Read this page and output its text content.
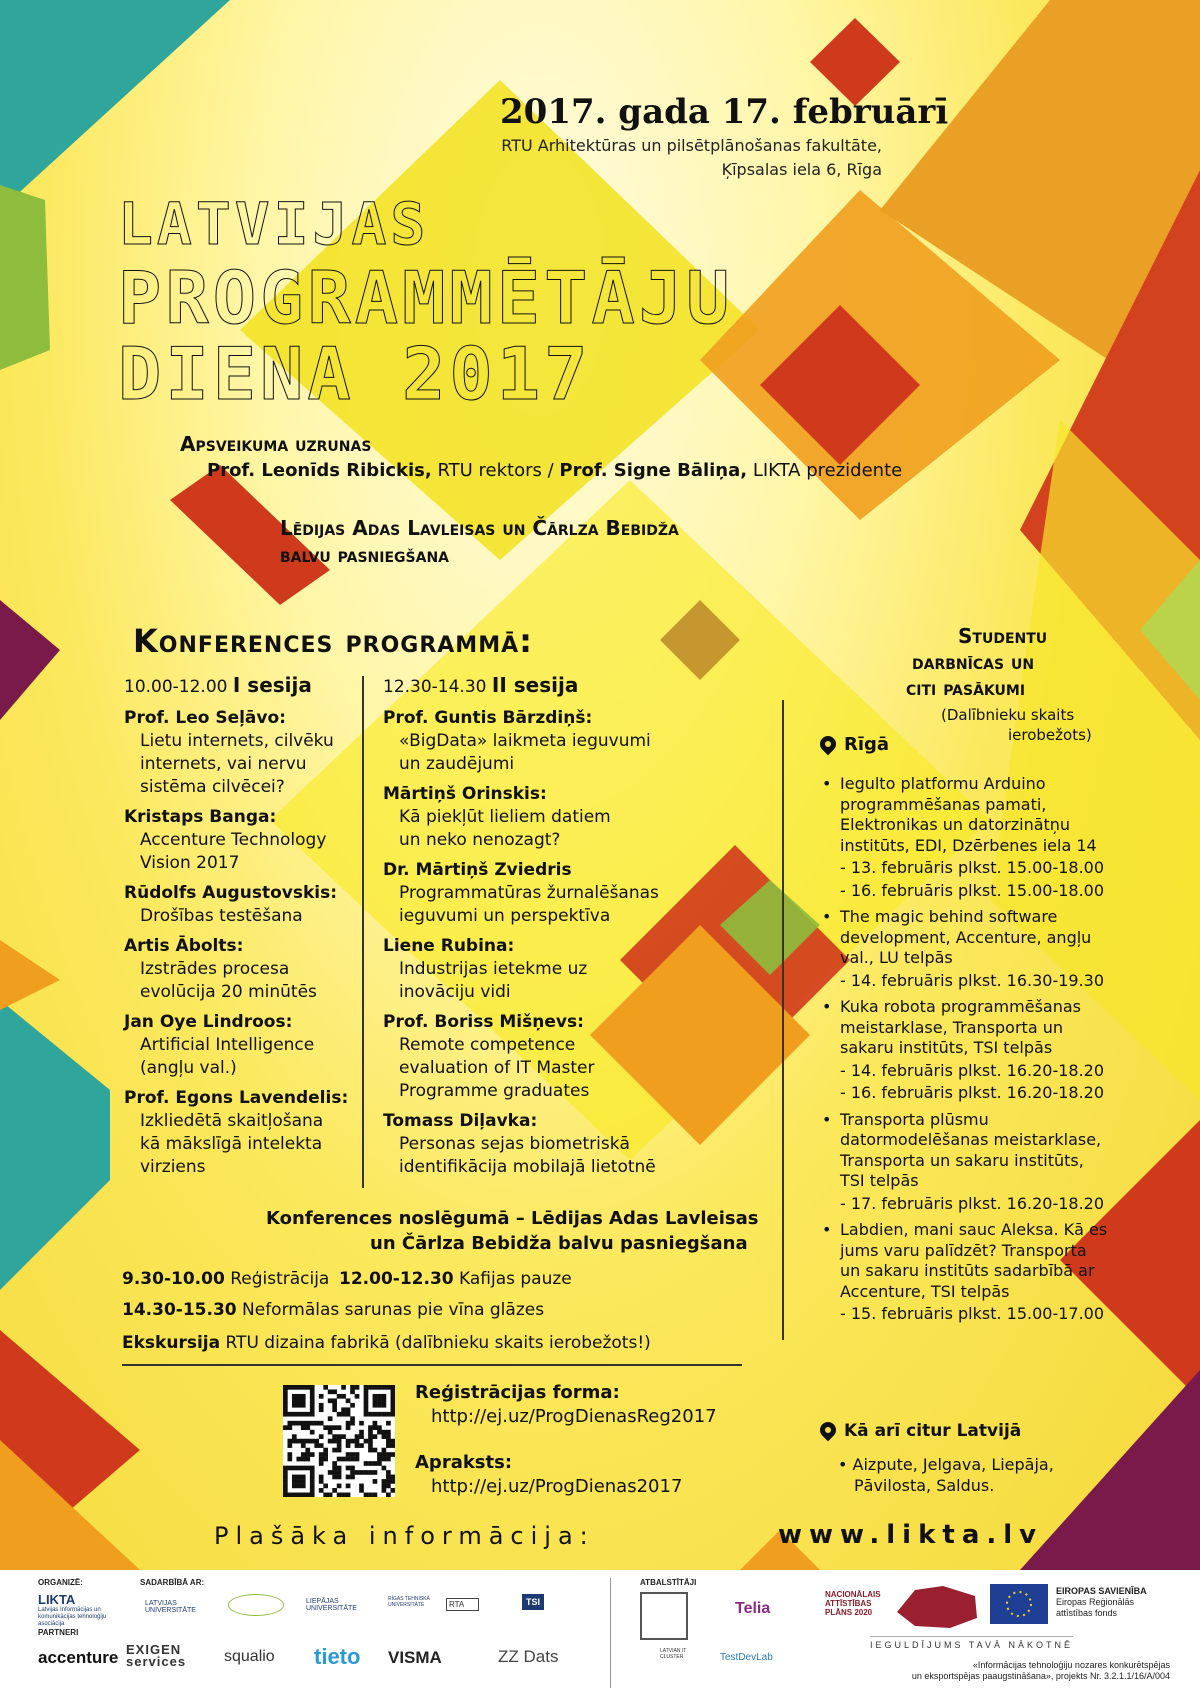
2017. gada 17. februārī
RTU Arhitektūras un pilsētplānošanas fakultāte,
Ķīpsalas iela 6, Rīga
LATVIJAS
PROGRAMMĒTĀJU
DIENA 2017
Apsveikuma uzrunas
Prof. Leonīds Ribickis, RTU rektors / Prof. Signe Bāliņa, LIKTA prezidente
Lēdijas Adas Lavleisas un Čārlza Bebidža
balvu pasniegšana
Konferences programmā:
10.00-12.00 I sesija
Prof. Leo Seļāvo:
Lietu internets, cilvēku
internets, vai nervu
sistēma cilvēcei?
Kristaps Banga:
Accenture Technology
Vision 2017
Rūdolfs Augustovskis:
Drošības testēšana
Artis Ābolts:
Izstrādes procesa
evolūcija 20 minūtēs
Jan Oye Lindroos:
Artificial Intelligence
(angļu val.)
Prof. Egons Lavendelis:
Izkliedētā skaitļošana
kā mākslīgā intelekta
virziens
12.30-14.30 II sesija
Prof. Guntis Bārzdiņš:
«BigData» laikmeta ieguvumi
un zaudējumi
Mārtiņš Orinskis:
Kā piekļūt lieliem datiem
un neko nenozagt?
Dr. Mārtiņš Zviedris
Programmatūras žurnalēšanas
ieguvumi un perspektīva
Liene Rubina:
Industrijas ietekme uz
inovāciju vidi
Prof. Boriss Mišņevs:
Remote competence
evaluation of IT Master
Programme graduates
Tomass Diļavka:
Personas sejas biometriskā
identifikācija mobilajā lietotnē
Konferences noslēgumā – Lēdijas Adas Lavleisas
un Čārlza Bebidža balvu pasniegšana
9.30-10.00 Reģistrācija 12.00-12.30 Kafijas pauze
14.30-15.30 Neformālas sarunas pie vīna glāzes
Ekskursija RTU dizaina fabrikā (dalībnieku skaits ierobežots!)
Reģistrācijas forma:
http://ej.uz/ProgDienasReg2017
Apraksts:
http://ej.uz/ProgDienas2017
Plašāka informācija:	www.likta.lv
Studentu
darbnīcas un
citi pasākumi
(Dalībnieku skaits
ierobežots)
Rīgā
• Iegulto platformu Arduino
programmēšanas pamati,
Elektronikas un datorzinātņu
institūts, EDI, Dzērbenes iela 14
- 13. februāris plkst. 15.00-18.00
- 16. februāris plkst. 15.00-18.00
• The magic behind software
development, Accenture, angļu
val., LU telpās
- 14. februāris plkst. 16.30-19.30
• Kuka robota programmēšanas
meistarklase, Transporta un
sakaru institūts, TSI telpās
- 14. februāris plkst. 16.20-18.20
- 16. februāris plkst. 16.20-18.20
• Transporta plūsmu
datormodelēšanas meistarklase,
Transporta un sakaru institūts,
TSI telpās
- 17. februāris plkst. 16.20-18.20
• Labdien, mani sauc Aleksa. Kā es
jums varu palīdzēt? Transporta
un sakaru institūts sadarbībā ar
Accenture, TSI telpās
- 15. februāris plkst. 15.00-17.00
Kā arī citur Latvijā
• Aizpute, Jelgava, Liepāja,
Pāvilosta, Saldus.
ORGANIZĒ:
LIKTA
Latvijas Informācijas un komunikācijas tehnoloģiju asociācija
SADARBĪBĀ AR:
LATVIJAS UNIVERSITĀTE
LIEPĀJAS UNIVERSITĀTE
RĪGAS TEHNISKĀ UNIVERSITĀTE	RTA	TSI
PARTNERI
accenture EXIGEN services	squalio tieto VISMA	ZZ Dats
ATBALSTĪTĀJI
Telia
LATVIAN IT CLUSTER	TestDevLab
NACIONĀLAIS
ATTĪSTĪBAS
PLĀNS 2020
EIROPAS SAVIENĪBA
Eiropas Reģionālās
attīstības fonds
IEGULDĪJUMS TAVĀ NĀKOTNĒ
«Informācijas tehnoloģiju nozares konkurētspējas
un eksportspējas paaugstināšana», projekts Nr. 3.2.1.1/16/A/004
